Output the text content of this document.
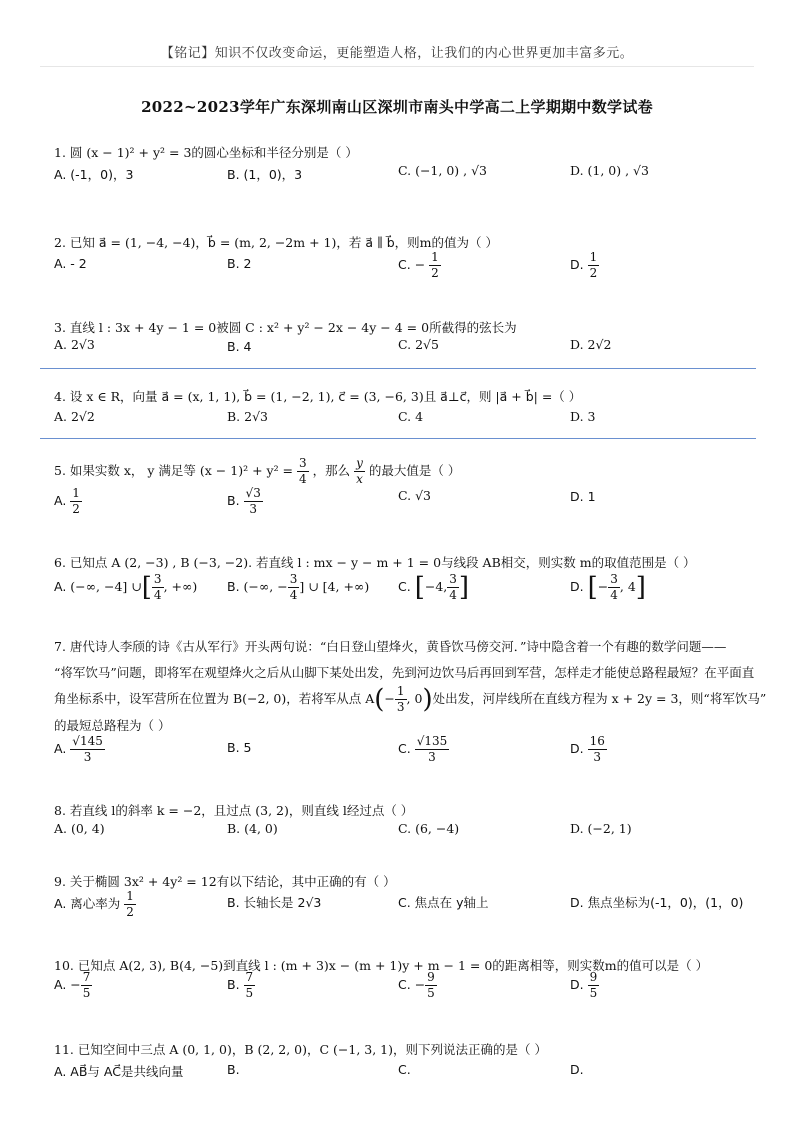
【铭记】知识不仅改变命运，更能塑造人格，让我们的内心世界更加丰富多元。
2022~2023学年广东深圳南山区深圳市南头中学高二上学期期中数学试卷
1. 圆 (x − 1)² + y² = 3的圆心坐标和半径分别是（ ）
A. (-1，0)，3	B. (1，0)，3	C. (−1, 0) , √3	D. (1, 0) , √3
2. 已知 a⃗ = (1, −4, −4)，b⃗ = (m, 2, −2m + 1)，若 a⃗ ∥ b⃗，则m的值为（ ）
A. - 2	B. 2	C. − $\frac{1}{2}$	D. $\frac{1}{2}$
3. 直线 l : 3x + 4y − 1 = 0被圆 C : x² + y² − 2x − 4y − 4 = 0所截得的弦长为
A. 2√3	B. 4	C. 2√5	D. 2√2
4. 设 x ∈ R，向量 a⃗ = (x, 1, 1), b⃗ = (1, −2, 1), c⃗ = (3, −6, 3)且 a⃗⊥c⃗，则 |a⃗ + b⃗| =（ ）
A. 2√2	B. 2√3	C. 4	D. 3
5. 如果实数 x， y 满足等 $(x - 1)^2 + y^2 = \frac{3}{4}$ ，那么 $\frac{y}{x}$ 的最大值是（ ）
A. $\frac{1}{2}$	B. $\frac{√3}{3}$	C. √3	D. 1
6. 已知点 A (2, −3) , B (−3, −2). 若直线 l : mx − y − m + 1 = 0与线段 AB相交，则实数 m的取值范围是（ ）
A. (−∞, −4] ∪[ $\frac{3}{4}$ , +∞) B. (−∞, − $\frac{3}{4}$ ] ∪ [4, +∞) C. [−4, $\frac{3}{4}$ ]	D. [− $\frac{3}{4}$ , 4]
7. 唐代诗人李颀的诗《古从军行》开头两句说：“白日登山望烽火，黄昏饮马傍交河．”诗中隐含着一个有趣的数学问题——
“将军饮马”问题，即将军在观望烽火之后从山脚下某处出发，先到河边饮马后再回到军营，怎样走才能使总路程最短？在平面直
角坐标系中，设军营所在位置为 B(−2, 0)，若将军从点 $A(- \frac{1}{3}$ , 0)处出发，河岸线所在直线方程为 x + 2y = 3，则“将军饮马”
的最短总路程为（ ）
A. $\frac{√145}{3}$	B. 5	C. $\frac{√135}{3}$	D. $\frac{16}{3}$
8. 若直线 l的斜率 k = −2，且过点 (3, 2)，则直线 l经过点（ ）
A. (0, 4)	B. (4, 0)	C. (6, −4)	D. (−2, 1)
9. 关于椭圆 3x² + 4y² = 12有以下结论，其中正确的有（ ）
A. 离心率为 $\frac{1}{2}$	B. 长轴长是 2√3	C. 焦点在 y轴上	D. 焦点坐标为(-1，0)，(1，0)
10. 已知点 A(2, 3), B(4, −5)到直线 l : (m + 3)x − (m + 1)y + m − 1 = 0的距离相等，则实数m的值可以是（ ）
A. − $\frac{7}{5}$	B. $\frac{7}{5}$	C. − $\frac{9}{5}$	D. $\frac{9}{5}$
11. 已知空间中三点 A (0, 1, 0)，B (2, 2, 0)，C (−1, 3, 1)，则下列说法正确的是（ ）
A. AB⃗与 AC⃗是共线向量	B.	C.	D.
